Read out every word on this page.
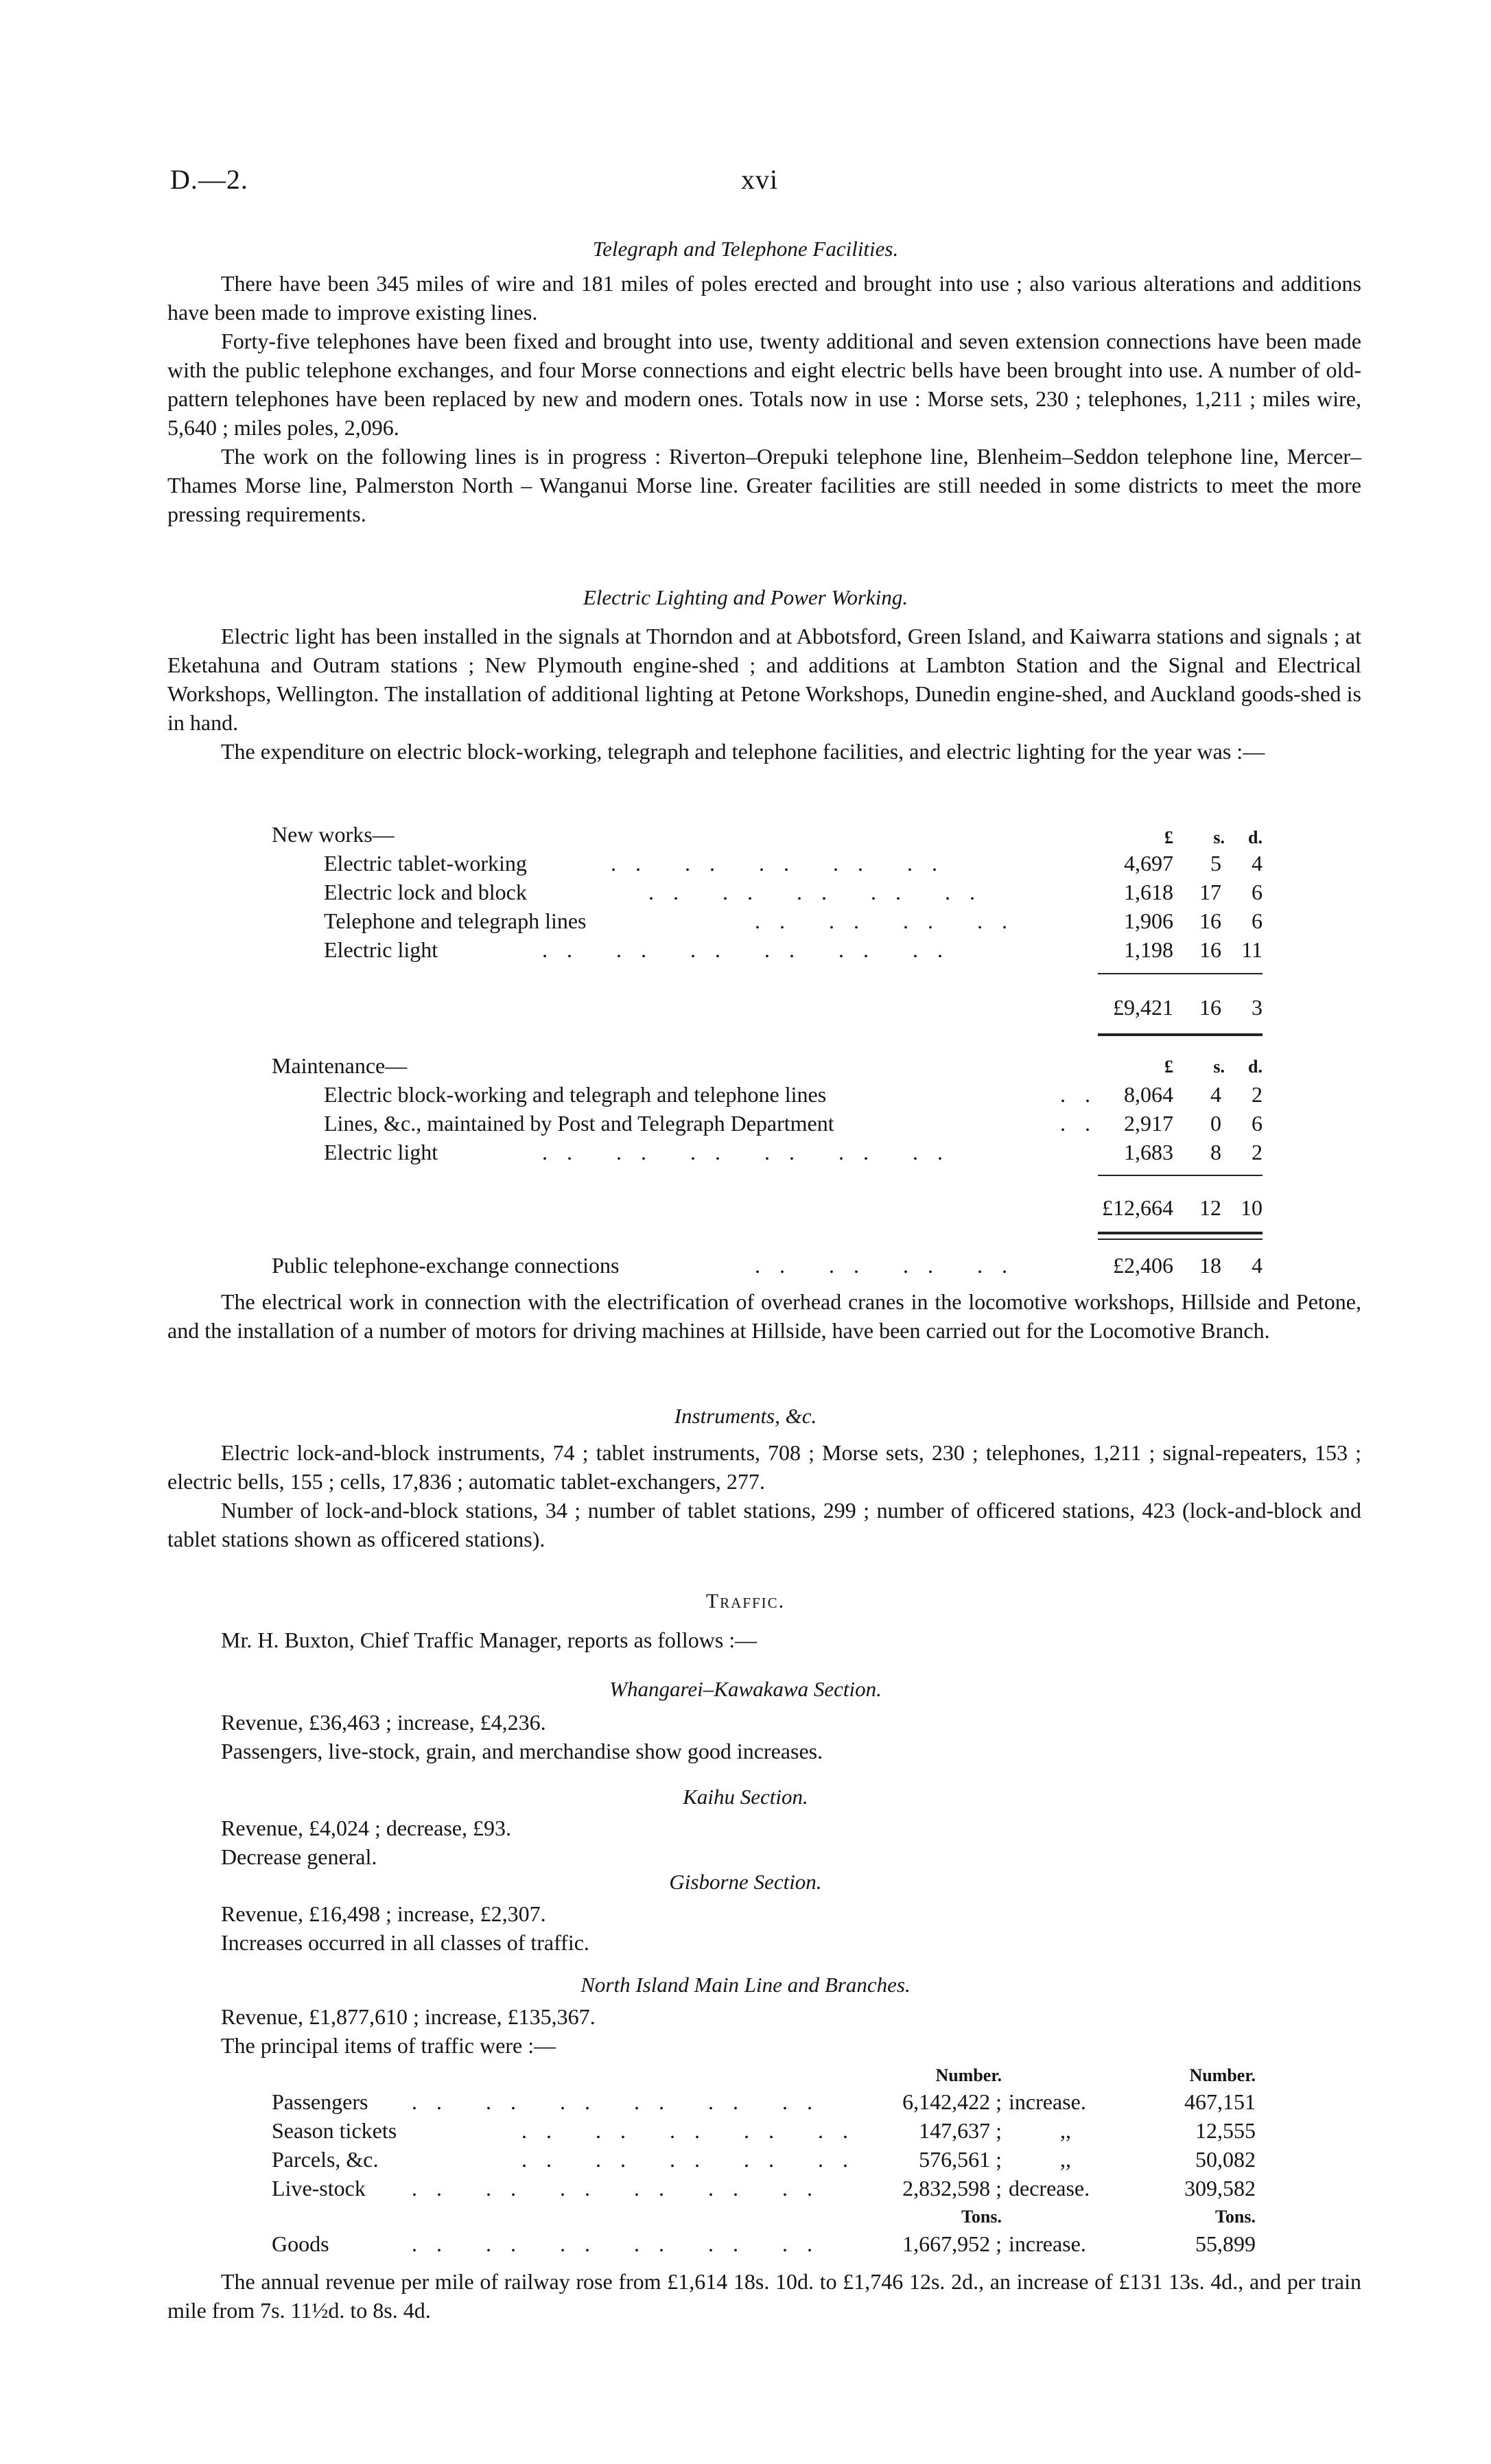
D.—2.	xvi
Telegraph and Telephone Facilities.

There have been 345 miles of wire and 181 miles of poles erected and brought into use ; also various alterations and additions have been made to improve existing lines.

Forty-five telephones have been fixed and brought into use, twenty additional and seven extension connections have been made with the public telephone exchanges, and four Morse connections and eight electric bells have been brought into use. A number of old-pattern telephones have been replaced by new and modern ones. Totals now in use : Morse sets, 230 ; telephones, 1,211 ; miles wire, 5,640 ; miles poles, 2,096.

The work on the following lines is in progress : Riverton–Orepuki telephone line, Blenheim–Seddon telephone line, Mercer–Thames Morse line, Palmerston North – Wanganui Morse line. Greater facilities are still needed in some districts to meet the more pressing requirements.

Electric Lighting and Power Working.

Electric light has been installed in the signals at Thorndon and at Abbotsford, Green Island, and Kaiwarra stations and signals ; at Eketahuna and Outram stations ; New Plymouth engine-shed ; and additions at Lambton Station and the Signal and Electrical Workshops, Wellington. The installation of additional lighting at Petone Workshops, Dunedin engine-shed, and Auckland goods-shed is in hand.

The expenditure on electric block-working, telegraph and telephone facilities, and electric lighting for the year was :—

New works—	£	s.	d.
Electric tablet-working	.. .. .. .. ..	4,697	5	4
Electric lock and block	.. .. .. .. ..	1,618	17	6
Telephone and telegraph lines	.. .. .. ..	1,906	16	6
Electric light	.. .. .. .. .. ..	1,198	16 11
£9,421	16	3
Maintenance—	£	s.	d.
Electric block-working and telegraph and telephone lines	.. 8,064	4	2
Lines, &c., maintained by Post and Telegraph Department	.. 2,917	0	6
Electric light	.. .. .. .. .. ..	1,683	8	2
£12,664	12 10
Public telephone-exchange connections	.. .. .. ..	£2,406	18	4

The electrical work in connection with the electrification of overhead cranes in the locomotive workshops, Hillside and Petone, and the installation of a number of motors for driving machines at Hillside, have been carried out for the Locomotive Branch.

Instruments, &c.

Electric lock-and-block instruments, 74 ; tablet instruments, 708 ; Morse sets, 230 ; telephones, 1,211 ; signal-repeaters, 153 ; electric bells, 155 ; cells, 17,836 ; automatic tablet-exchangers, 277.

Number of lock-and-block stations, 34 ; number of tablet stations, 299 ; number of officered stations, 423 (lock-and-block and tablet stations shown as officered stations).

Traffic.
Mr. H. Buxton, Chief Traffic Manager, reports as follows :—
Whangarei–Kawakawa Section.
Revenue, £36,463 ; increase, £4,236.
Passengers, live-stock, grain, and merchandise show good increases.
Kaihu Section.
Revenue, £4,024 ; decrease, £93.
Decrease general.
Gisborne Section.
Revenue, £16,498 ; increase, £2,307.
Increases occurred in all classes of traffic.
North Island Main Line and Branches.
Revenue, £1,877,610 ; increase, £135,367.
The principal items of traffic were :—
Number.	Number.
Passengers .. .. .. .. .. ..	6,142,422 ; increase.	467,151
Season tickets	.. .. .. .. ..	147,637 ;	,,	12,555
Parcels, &c.	.. .. .. .. ..	576,561 ;	,,	50,082
Live-stock .. .. .. .. .. ..	2,832,598 ; decrease.	309,582
Tons.	Tons.
Goods	.. .. .. .. .. ..	1,667,952 ; increase.	55,899

The annual revenue per mile of railway rose from £1,614 18s. 10d. to £1,746 12s. 2d., an increase of £131 13s. 4d., and per train mile from 7s. 11½d. to 8s. 4d.
